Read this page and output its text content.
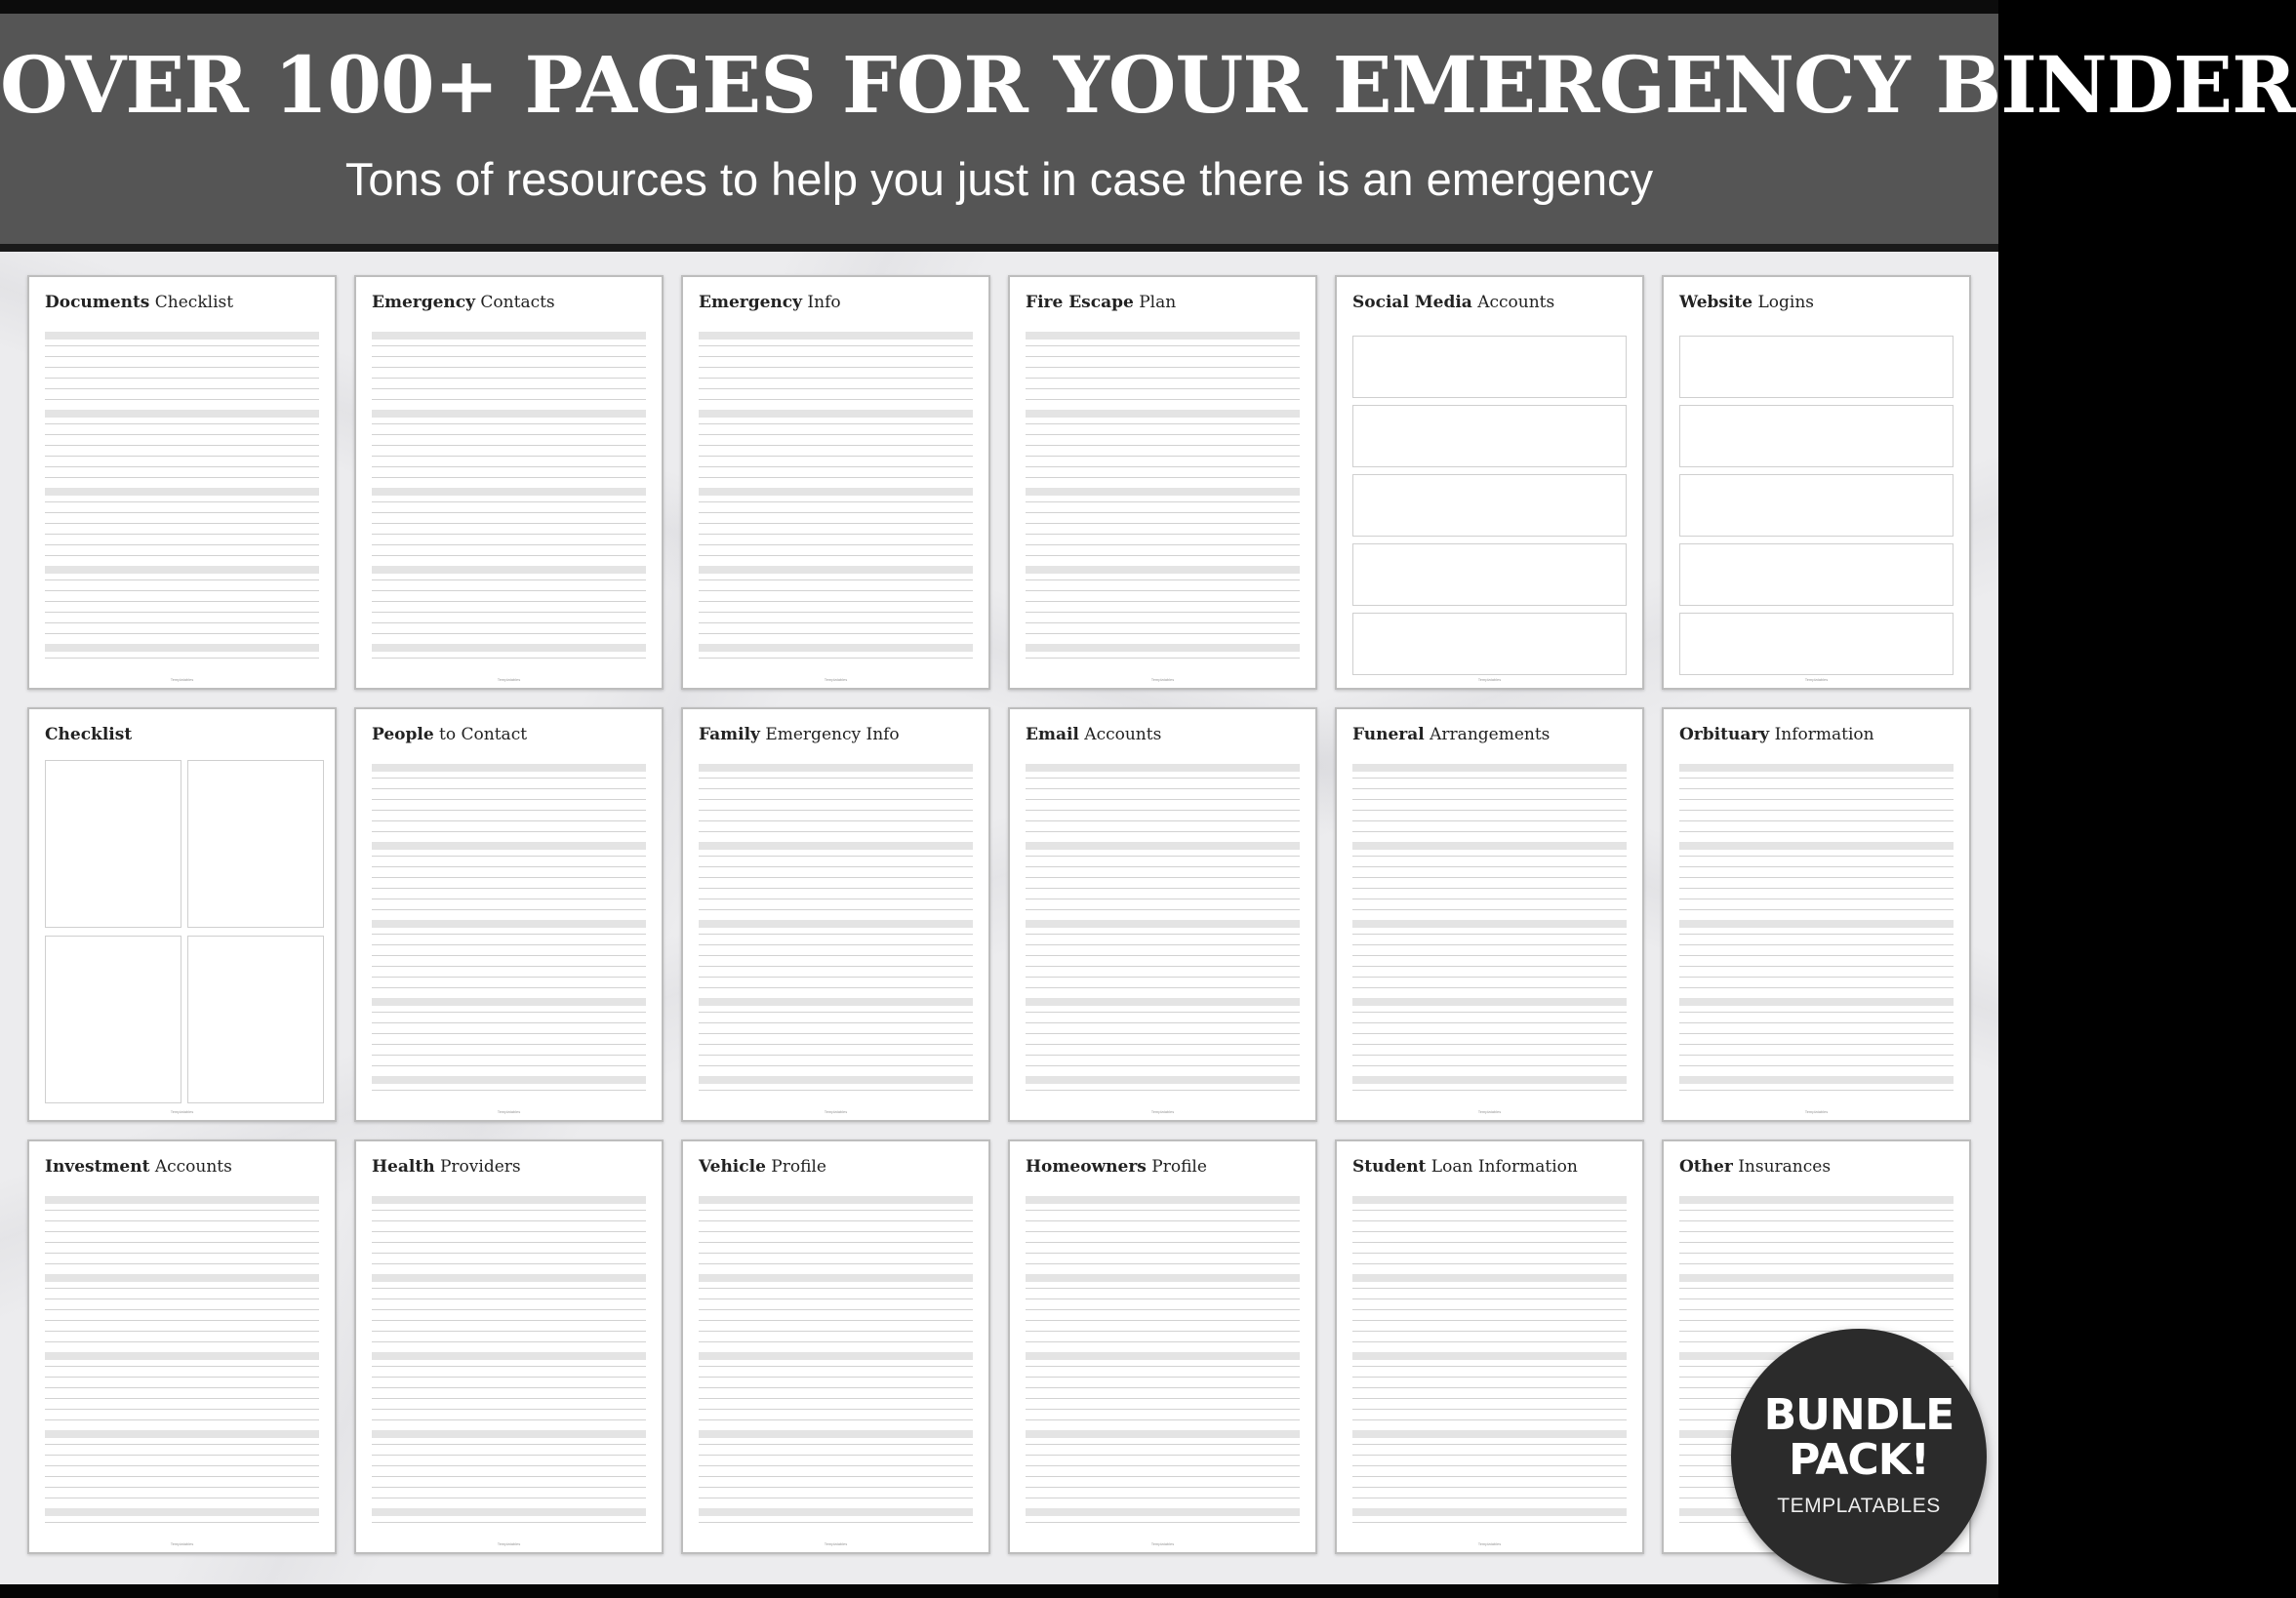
OVER 100+ PAGES FOR YOUR EMERGENCY BINDER
Tons of resources to help you just in case there is an emergency
Documents Checklist
Templatables
Emergency Contacts
Templatables
Emergency Info
Templatables
Fire Escape Plan
Templatables
Social Media Accounts
Templatables
Website Logins
Templatables
Checklist
Templatables
People to Contact
Templatables
Family Emergency Info
Templatables
Email Accounts
Templatables
Funeral Arrangements
Templatables
Orbituary Information
Templatables
Investment Accounts
Templatables
Health Providers
Templatables
Vehicle Profile
Templatables
Homeowners Profile
Templatables
Student Loan Information
Templatables
Other Insurances
BUNDLE
PACK!
TEMPLATABLES
